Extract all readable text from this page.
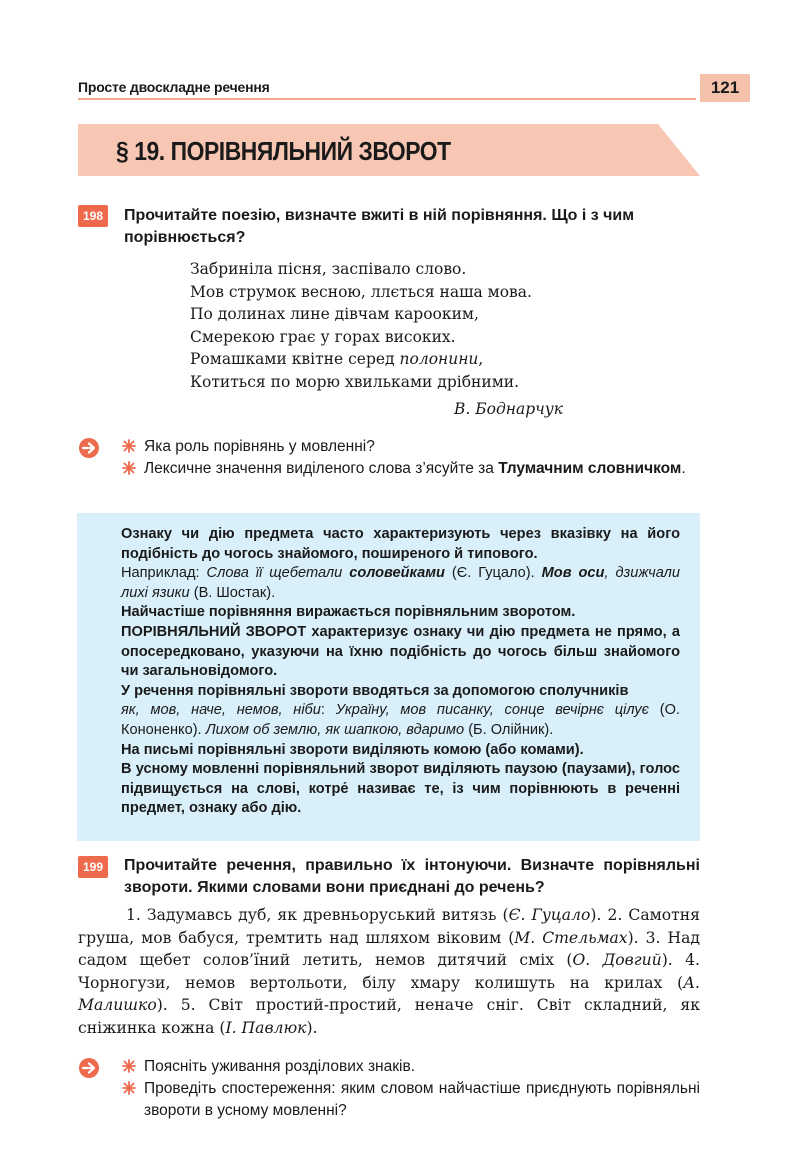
Просте двоскладне речення	121
§ 19. ПОРІВНЯЛЬНИЙ ЗВОРОТ
198	Прочитайте поезію, визначте вжиті в ній порівняння. Що і з чим порівнюється?
Забриніла пісня, заспівало слово.
Мов струмок весною, ллється наша мова.
По долинах лине дівчам карооким,
Смерекою грає у горах високих.
Ромашками квітне серед полонини,
Котиться по морю хвильками дрібними.
В. Боднарчук
Яка роль порівнянь у мовленні?
Лексичне значення виділеного слова з’ясуйте за Тлумачним словничком.

Ознаку чи дію предмета часто характеризують через вказівку на його подібність до чогось знайомого, поширеного й типового.

Наприклад: Слова її щебетали соловейками (Є. Гуцало). Мов оси, дзижчали лихі язики (В. Шостак).

Найчастіше порівняння виражається порівняльним зворотом.

ПОРІВНЯЛЬНИЙ ЗВОРОТ характеризує ознаку чи дію предмета не прямо, а опосередковано, указуючи на їхню подібність до чогось більш знайомого чи загальновідомого.

У речення порівняльні звороти вводяться за допомогою сполучників

як, мов, наче, немов, ніби: Україну, мов писанку, сонце вечірнє цілує (О. Кононенко). Лихом об землю, як шапкою, вдаримо (Б. Олійник).

На письмі порівняльні звороти виділяють комою (або комами).

В усному мовленні порівняльний зворот виділяють паузою (паузами), голос підвищується на слові, котре́ називає те, із чим порівнюють в реченні предмет, ознаку або дію.

199	Прочитайте речення, правильно їх інтонуючи. Визначте порівняльні звороти. Якими словами вони приєднані до речень?
1. Задумавсь дуб, як древньоруський витязь (Є. Гуцало). 2. Самотня груша, мов бабуся, тремтить над шляхом віковим (М. Стельмах). 3. Над садом щебет солов’їний летить, немов дитячий сміх (О. Довгий). 4. Чорногузи, немов вертольоти, білу хмару колишуть на крилах (А. Малишко). 5. Світ простий-простий, неначе сніг. Світ складний, як сніжинка кожна (І. Павлюк).
Поясніть уживання розділових знаків.
Проведіть спостереження: яким словом найчастіше приєднують порівняльні звороти в усному мовленні?
